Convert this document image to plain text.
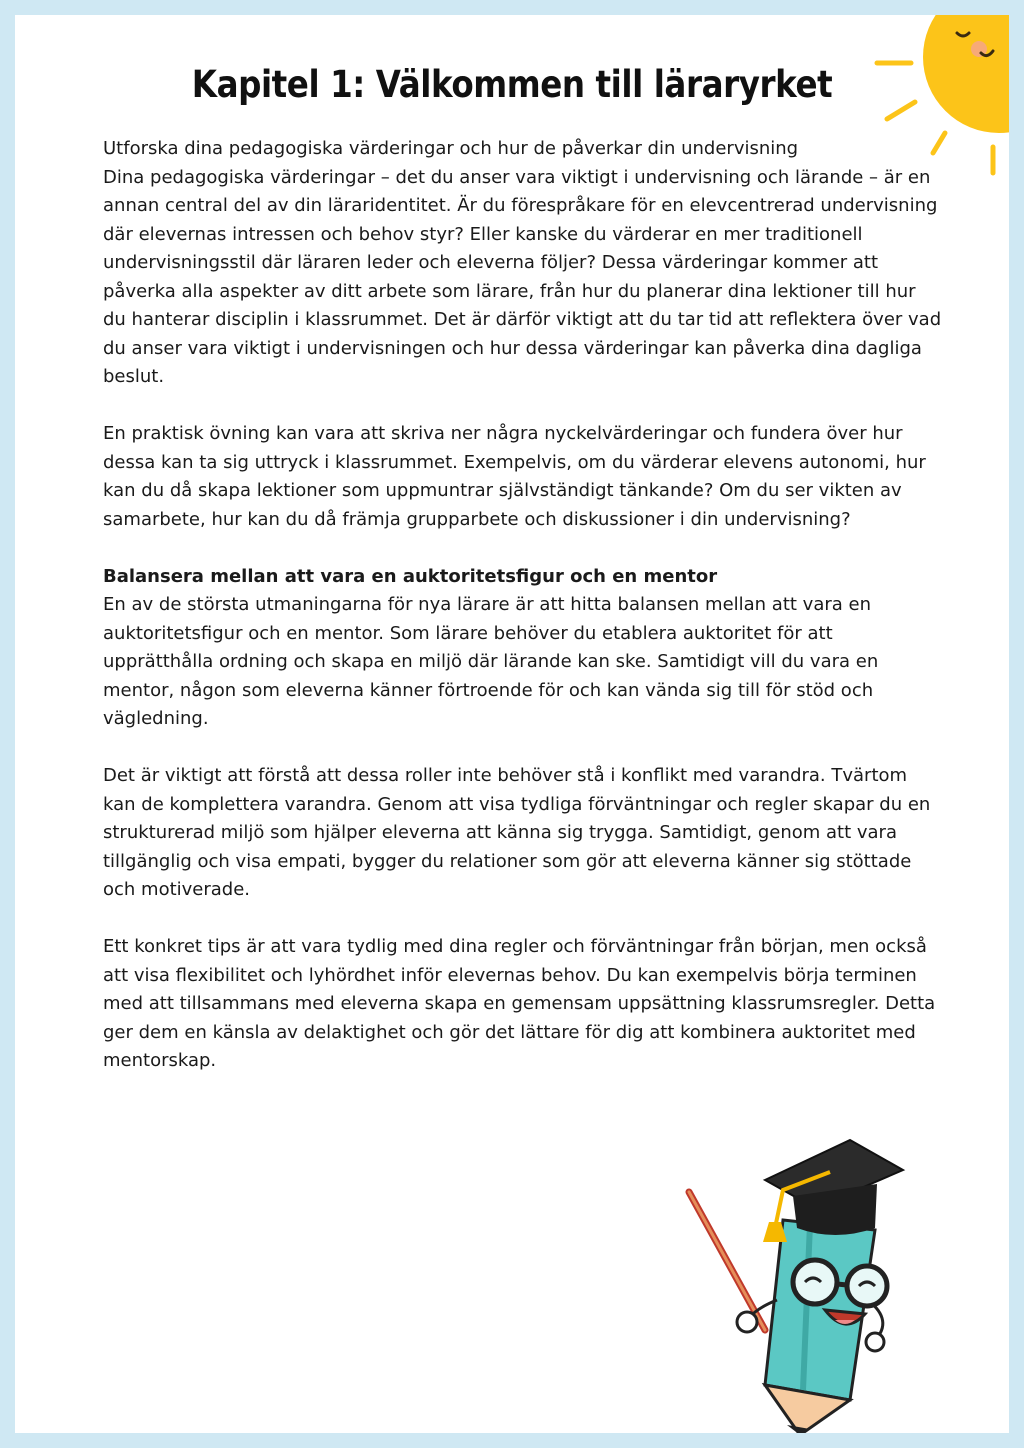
Kapitel 1: Välkommen till läraryrket

Utforska dina pedagogiska värderingar och hur de påverkar din undervisning
Dina pedagogiska värderingar – det du anser vara viktigt i undervisning och lärande – är en annan central del av din läraridentitet. Är du förespråkare för en elevcentrerad undervisning där elevernas intressen och behov styr? Eller kanske du värderar en mer traditionell undervisningsstil där läraren leder och eleverna följer? Dessa värderingar kommer att påverka alla aspekter av ditt arbete som lärare, från hur du planerar dina lektioner till hur du hanterar disciplin i klassrummet. Det är därför viktigt att du tar tid att reflektera över vad du anser vara viktigt i undervisningen och hur dessa värderingar kan påverka dina dagliga beslut.

En praktisk övning kan vara att skriva ner några nyckelvärderingar och fundera över hur dessa kan ta sig uttryck i klassrummet. Exempelvis, om du värderar elevens autonomi, hur kan du då skapa lektioner som uppmuntrar självständigt tänkande? Om du ser vikten av samarbete, hur kan du då främja grupparbete och diskussioner i din undervisning?

Balansera mellan att vara en auktoritetsfigur och en mentor

En av de största utmaningarna för nya lärare är att hitta balansen mellan att vara en auktoritetsfigur och en mentor. Som lärare behöver du etablera auktoritet för att upprätthålla ordning och skapa en miljö där lärande kan ske. Samtidigt vill du vara en mentor, någon som eleverna känner förtroende för och kan vända sig till för stöd och vägledning.

Det är viktigt att förstå att dessa roller inte behöver stå i konflikt med varandra. Tvärtom kan de komplettera varandra. Genom att visa tydliga förväntningar och regler skapar du en strukturerad miljö som hjälper eleverna att känna sig trygga. Samtidigt, genom att vara tillgänglig och visa empati, bygger du relationer som gör att eleverna känner sig stöttade och motiverade.

Ett konkret tips är att vara tydlig med dina regler och förväntningar från början, men också att visa flexibilitet och lyhördhet inför elevernas behov. Du kan exempelvis börja terminen med att tillsammans med eleverna skapa en gemensam uppsättning klassrumsregler. Detta ger dem en känsla av delaktighet och gör det lättare för dig att kombinera auktoritet med mentorskap.
